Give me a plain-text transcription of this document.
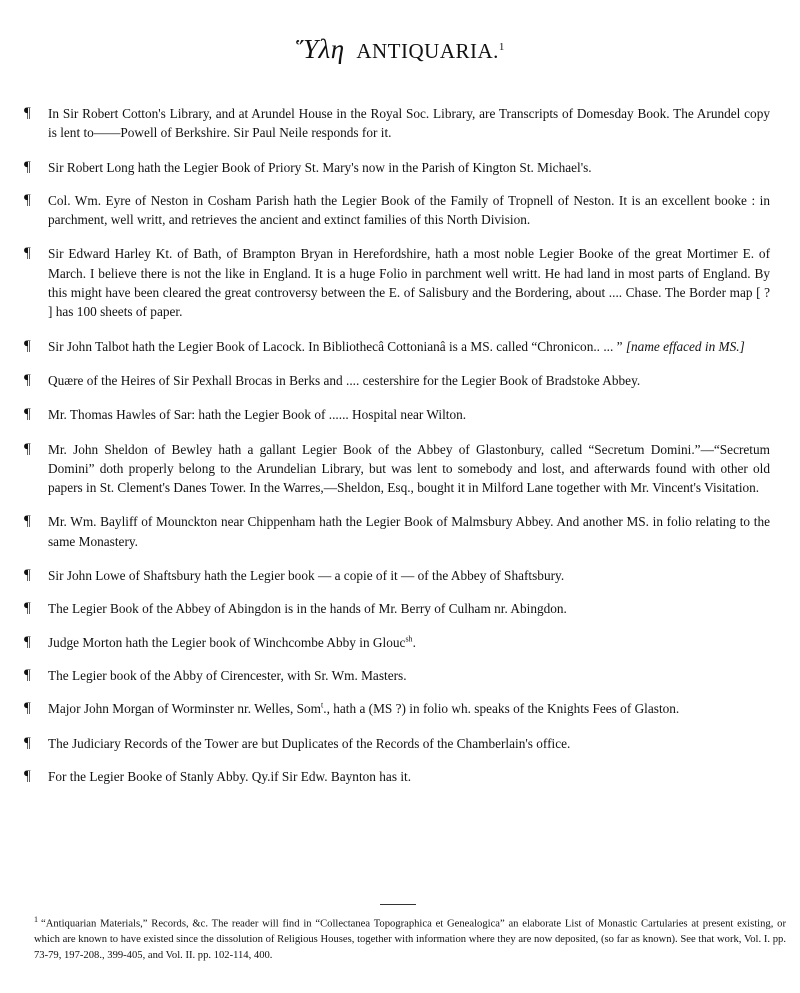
Ὕλη ANTIQUARIA.$^1$
¶ In Sir Robert Cotton's Library, and at Arundel House in the Royal Soc. Library, are Transcripts of Domesday Book. The Arundel copy is lent to——Powell of Berkshire. Sir Paul Neile responds for it.
¶ Sir Robert Long hath the Legier Book of Priory St. Mary's now in the Parish of Kington St. Michael's.
¶ Col. Wm. Eyre of Neston in Cosham Parish hath the Legier Book of the Family of Tropnell of Neston. It is an excellent booke : in parchment, well writt, and retrieves the ancient and extinct families of this North Division.
¶ Sir Edward Harley Kt. of Bath, of Brampton Bryan in Herefordshire, hath a most noble Legier Booke of the great Mortimer E. of March. I believe there is not the like in England. It is a huge Folio in parchment well writt. He had land in most parts of England. By this might have been cleared the great controversy between the E. of Salisbury and the Bordering, about .... Chase. The Border map [ ? ] has 100 sheets of paper.
¶ Sir John Talbot hath the Legier Book of Lacock. In Bibliothecâ Cottonianâ is a MS. called “Chronicon.. ... ” [name effaced in MS.]
¶ Quære of the Heires of Sir Pexhall Brocas in Berks and .... cestershire for the Legier Book of Bradstoke Abbey.
¶ Mr. Thomas Hawles of Sar: hath the Legier Book of ...... Hospital near Wilton.
¶ Mr. John Sheldon of Bewley hath a gallant Legier Book of the Abbey of Glastonbury, called “Secretum Domini.”—“Secretum Domini” doth properly belong to the Arundelian Library, but was lent to somebody and lost, and afterwards found with other old papers in St. Clement's Danes Tower. In the Warres,—Sheldon, Esq., bought it in Milford Lane together with Mr. Vincent's Visitation.
¶ Mr. Wm. Bayliff of Mounckton near Chippenham hath the Legier Book of Malmsbury Abbey. And another MS. in folio relating to the same Monastery.
¶ Sir John Lowe of Shaftsbury hath the Legier book — a copie of it — of the Abbey of Shaftsbury.
¶ The Legier Book of the Abbey of Abingdon is in the hands of Mr. Berry of Culham nr. Abingdon.
¶ Judge Morton hath the Legier book of Winchcombe Abby in Glouc$^{sh}$.
¶ The Legier book of the Abby of Cirencester, with Sr. Wm. Masters.
¶ Major John Morgan of Worminster nr. Welles, Som$^t$., hath a (MS ?) in folio wh. speaks of the Knights Fees of Glaston.
¶ The Judiciary Records of the Tower are but Duplicates of the Records of the Chamberlain's office.
¶ For the Legier Booke of Stanly Abby. Qy.if Sir Edw. Baynton has it.
$^1$ “Antiquarian Materials,” Records, &c. The reader will find in “Collectanea Topographica et Genealogica” an elaborate List of Monastic Cartularies at present existing, or which are known to have existed since the dissolution of Religious Houses, together with information where they are now deposited, (so far as known). See that work, Vol. I. pp. 73-79, 197-208., 399-405, and Vol. II. pp. 102-114, 400.
